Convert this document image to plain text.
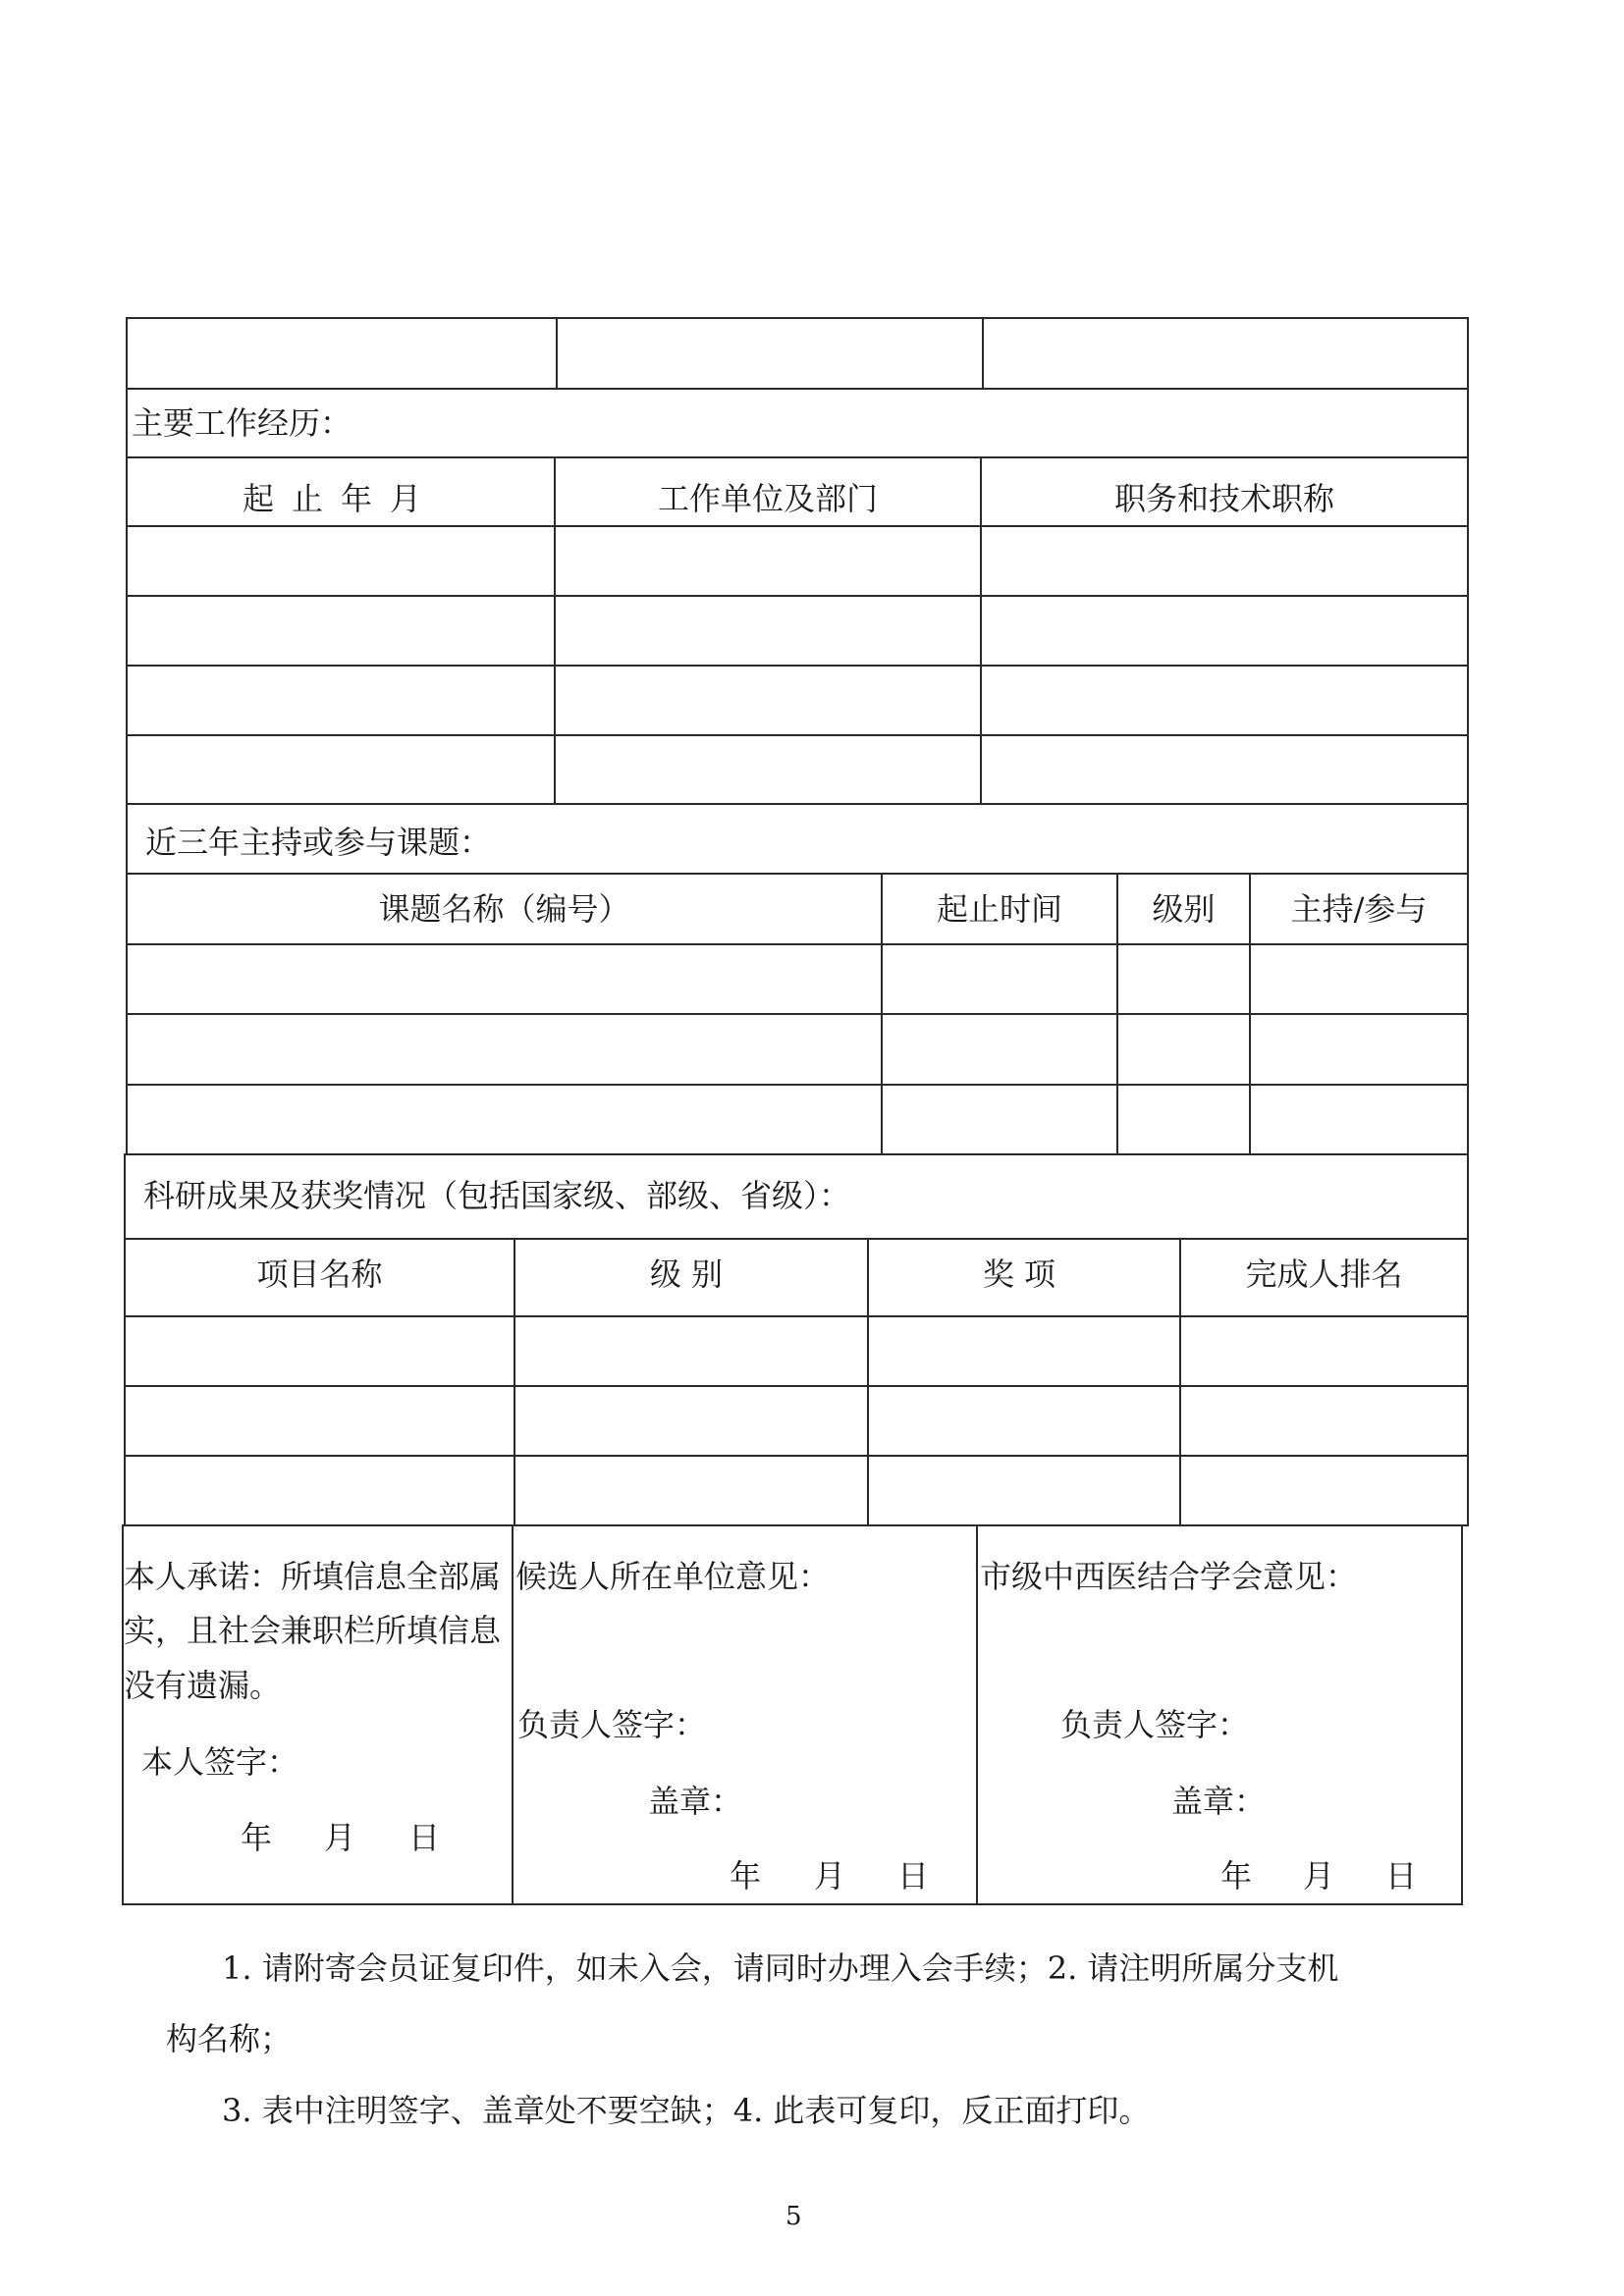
主要工作经历：
起止年月	工作单位及部门	职务和技术职称
近三年主持或参与课题：
课题名称（编号）	起止时间	级别	主持/参与
科研成果及获奖情况（包括国家级、部级、省级）：
项目名称	级别	奖项	完成人排名
本人承诺：所填信息全部属
实，且社会兼职栏所填信息
没有遗漏。
本人签字：
年 月 日
候选人所在单位意见：
负责人签字：
盖章：
年 月 日
市级中西医结合学会意见：
负责人签字：
盖章：
年 月 日
1. 请附寄会员证复印件，如未入会，请同时办理入会手续；2. 请注明所属分支机
构名称；
3. 表中注明签字、盖章处不要空缺；4. 此表可复印，反正面打印。
5
